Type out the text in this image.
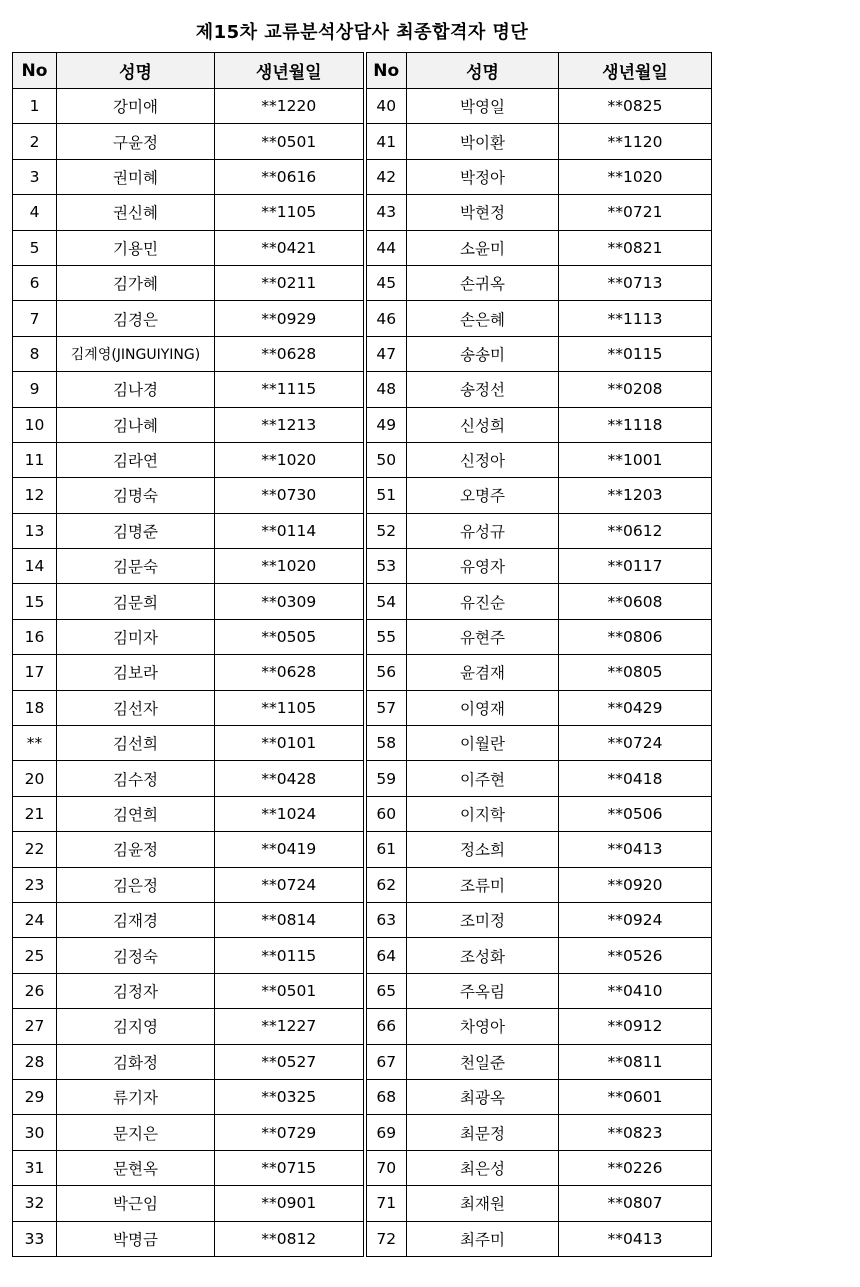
제15차 교류분석상담사 최종합격자 명단
No	성명	생년월일	No	성명	생년월일
1	강미애	**1220	40	박영일	**0825
2	구윤정	**0501	41	박이환	**1120
3	권미혜	**0616	42	박정아	**1020
4	권신혜	**1105	43	박현정	**0721
5	기용민	**0421	44	소윤미	**0821
6	김가혜	**0211	45	손귀옥	**0713
7	김경은	**0929	46	손은혜	**1113
8	김계영(JINGUIYING)	**0628	47	송송미	**0115
9	김나경	**1115	48	송정선	**0208
10	김나혜	**1213	49	신성희	**1118
11	김라연	**1020	50	신정아	**1001
12	김명숙	**0730	51	오명주	**1203
13	김명준	**0114	52	유성규	**0612
14	김문숙	**1020	53	유영자	**0117
15	김문희	**0309	54	유진순	**0608
16	김미자	**0505	55	유현주	**0806
17	김보라	**0628	56	윤겸재	**0805
18	김선자	**1105	57	이영재	**0429
**	김선희	**0101	58	이월란	**0724
20	김수정	**0428	59	이주현	**0418
21	김연희	**1024	60	이지학	**0506
22	김윤정	**0419	61	정소희	**0413
23	김은정	**0724	62	조류미	**0920
24	김재경	**0814	63	조미정	**0924
25	김정숙	**0115	64	조성화	**0526
26	김정자	**0501	65	주옥림	**0410
27	김지영	**1227	66	차영아	**0912
28	김화정	**0527	67	천일준	**0811
29	류기자	**0325	68	최광옥	**0601
30	문지은	**0729	69	최문정	**0823
31	문현옥	**0715	70	최은성	**0226
32	박근임	**0901	71	최재원	**0807
33	박명금	**0812	72	최주미	**0413
